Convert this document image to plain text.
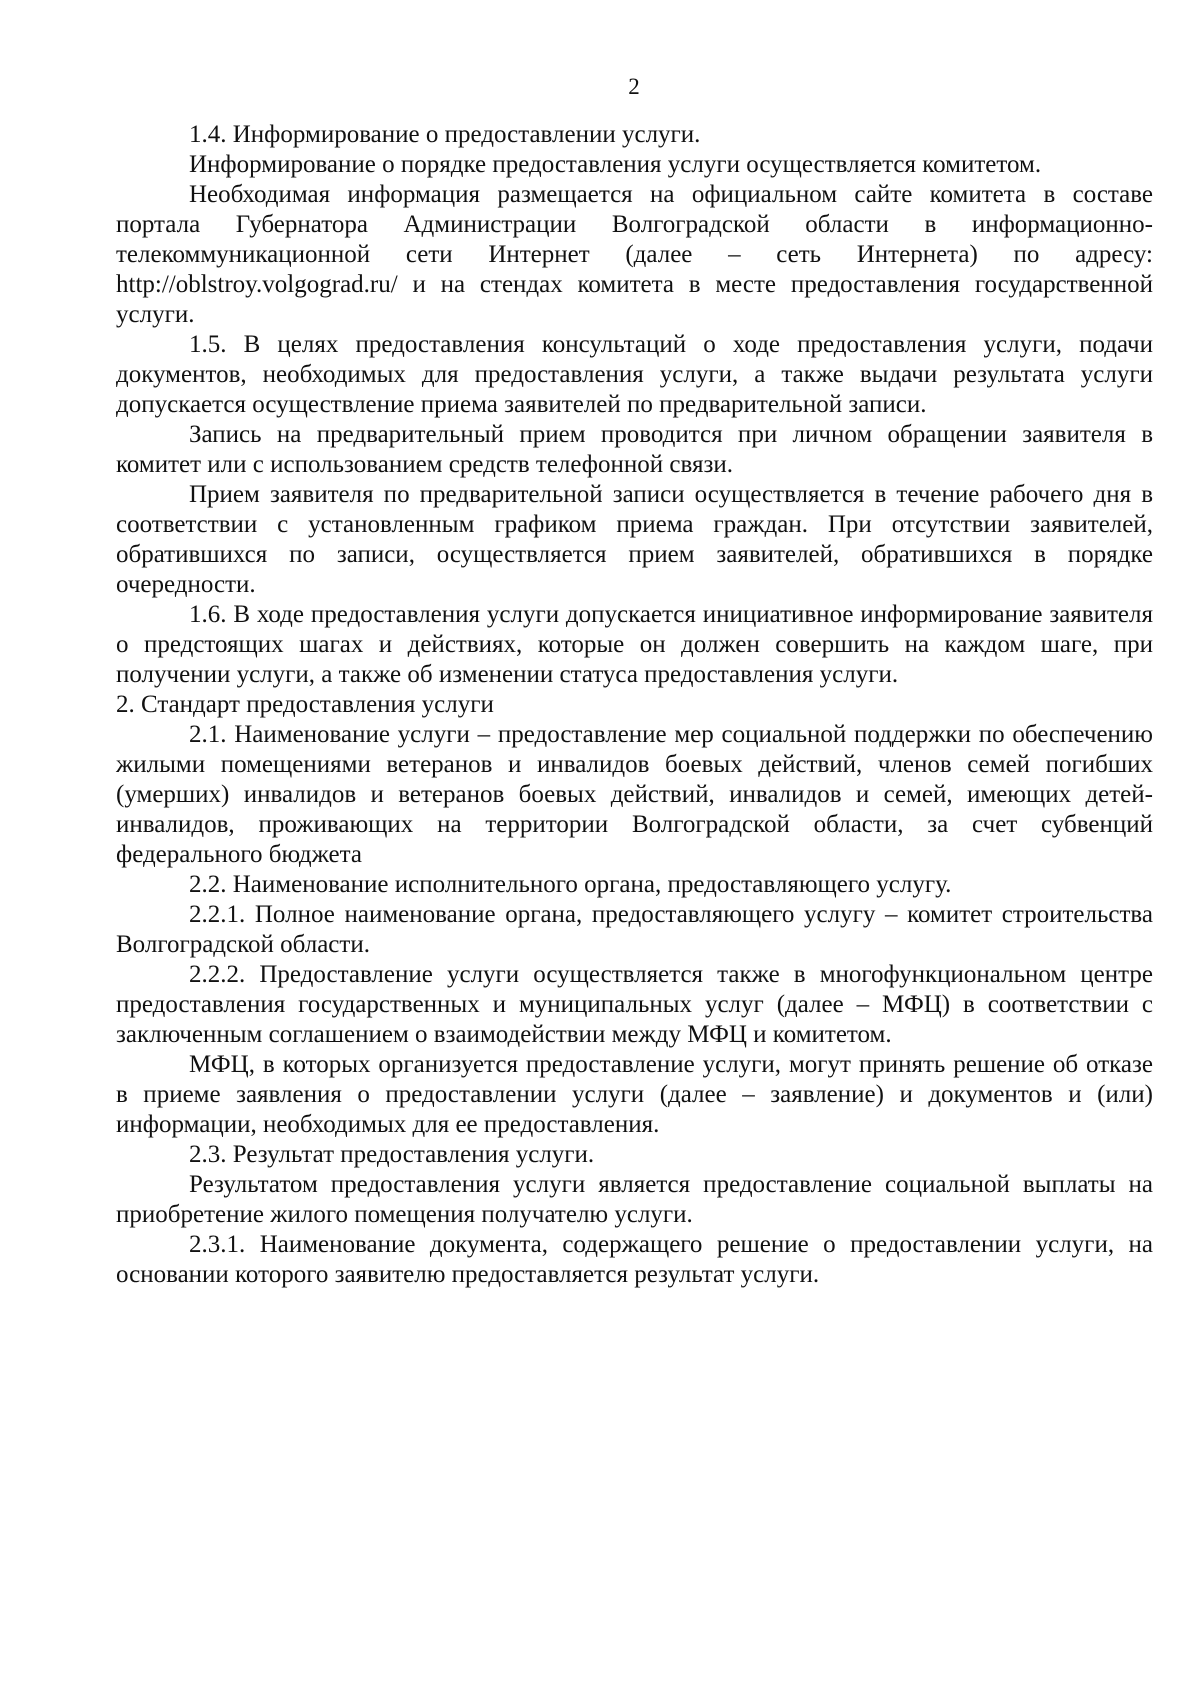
2

1.4. Информирование о предоставлении услуги.

Информирование о порядке предоставления услуги осуществляется комитетом.

Необходимая информация размещается на официальном сайте комитета в составе портала Губернатора Администрации Волгоградской области в информационно-телекоммуникационной сети Интернет (далее – сеть Интернета) по адресу: http://oblstroy.volgograd.ru/ и на стендах комитета в месте предоставления государственной услуги.

1.5. В целях предоставления консультаций о ходе предоставления услуги, подачи документов, необходимых для предоставления услуги, а также выдачи результата услуги допускается осуществление приема заявителей по предварительной записи.

Запись на предварительный прием проводится при личном обращении заявителя в комитет или с использованием средств телефонной связи.

Прием заявителя по предварительной записи осуществляется в течение рабочего дня в соответствии с установленным графиком приема граждан. При отсутствии заявителей, обратившихся по записи, осуществляется прием заявителей, обратившихся в порядке очередности.

1.6. В ходе предоставления услуги допускается инициативное информирование заявителя о предстоящих шагах и действиях, которые он должен совершить на каждом шаге, при получении услуги, а также об изменении статуса предоставления услуги.

2. Стандарт предоставления услуги

2.1. Наименование услуги – предоставление мер социальной поддержки по обеспечению жилыми помещениями ветеранов и инвалидов боевых действий, членов семей погибших (умерших) инвалидов и ветеранов боевых действий, инвалидов и семей, имеющих детей-инвалидов, проживающих на территории Волгоградской области, за счет субвенций федерального бюджета

2.2. Наименование исполнительного органа, предоставляющего услугу.

2.2.1. Полное наименование органа, предоставляющего услугу – комитет строительства Волгоградской области.

2.2.2. Предоставление услуги осуществляется также в многофункциональном центре предоставления государственных и муниципальных услуг (далее – МФЦ) в соответствии с заключенным соглашением о взаимодействии между МФЦ и комитетом.

МФЦ, в которых организуется предоставление услуги, могут принять решение об отказе в приеме заявления о предоставлении услуги (далее – заявление) и документов и (или) информации, необходимых для ее предоставления.

2.3. Результат предоставления услуги.

Результатом предоставления услуги является предоставление социальной выплаты на приобретение жилого помещения получателю услуги.

2.3.1. Наименование документа, содержащего решение о предоставлении услуги, на основании которого заявителю предоставляется результат услуги.
